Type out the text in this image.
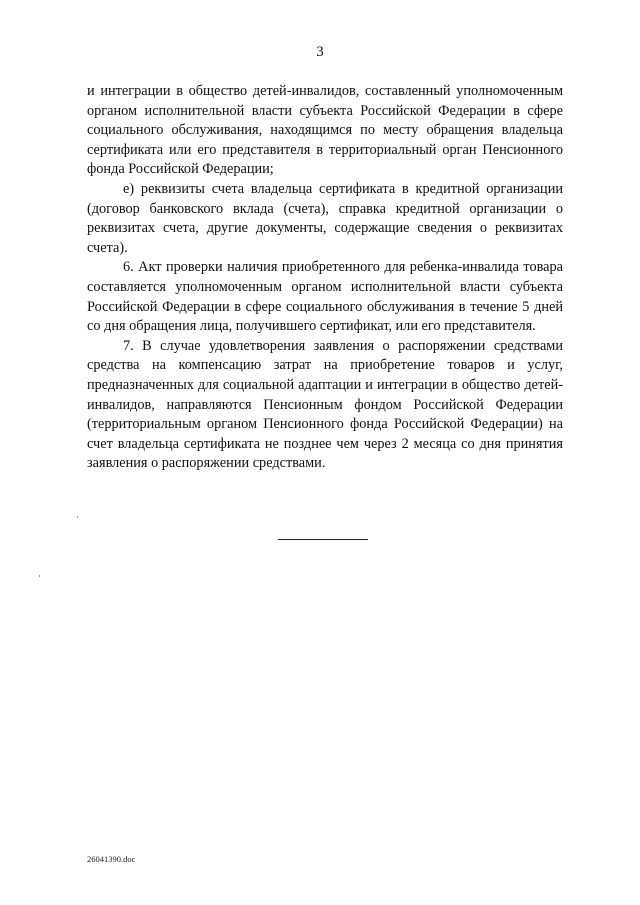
3

и интеграции в общество детей-инвалидов, составленный уполномоченным органом исполнительной власти субъекта Российской Федерации в сфере социального обслуживания, находящимся по месту обращения владельца сертификата или его представителя в территориальный орган Пенсионного фонда Российской Федерации;

е) реквизиты счета владельца сертификата в кредитной организации (договор банковского вклада (счета), справка кредитной организации о реквизитах счета, другие документы, содержащие сведения о реквизитах счета).

6. Акт проверки наличия приобретенного для ребенка-инвалида товара составляется уполномоченным органом исполнительной власти субъекта Российской Федерации в сфере социального обслуживания в течение 5 дней со дня обращения лица, получившего сертификат, или его представителя.

7. В случае удовлетворения заявления о распоряжении средствами средства на компенсацию затрат на приобретение товаров и услуг, предназначенных для социальной адаптации и интеграции в общество детей-инвалидов, направляются Пенсионным фондом Российской Федерации (территориальным органом Пенсионного фонда Российской Федерации) на счет владельца сертификата не позднее чем через 2 месяца со дня принятия заявления о распоряжении средствами.

26041390.doc
